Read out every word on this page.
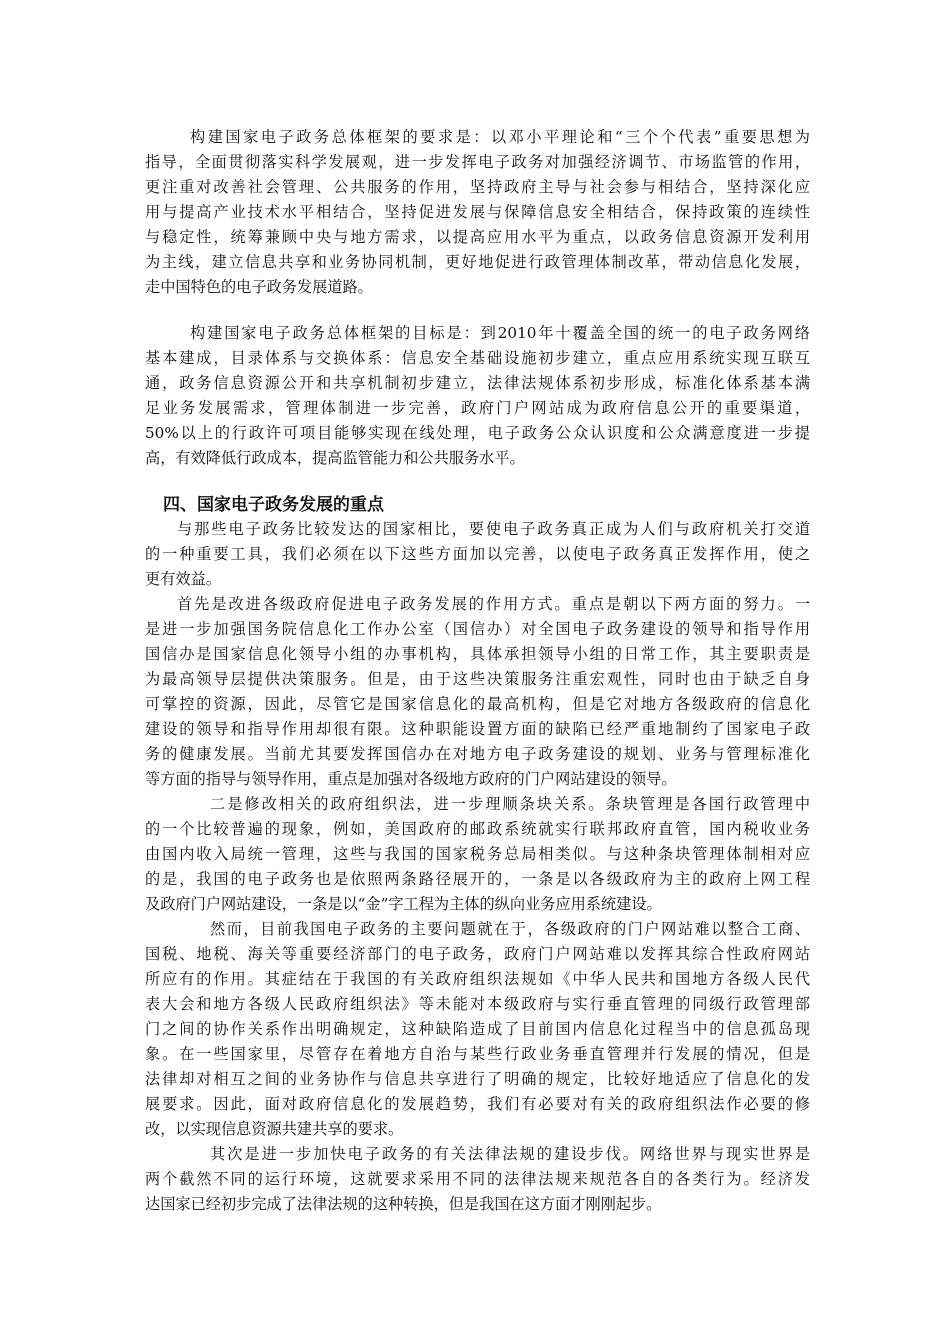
构建国家电子政务总体框架的要求是：以邓小平理论和“三个个代表”重要思想为

指导，全面贯彻落实科学发展观，进一步发挥电子政务对加强经济调节、市场监管的作用，

更注重对改善社会管理、公共服务的作用，坚持政府主导与社会参与相结合，坚持深化应

用与提高产业技术水平相结合，坚持促进发展与保障信息安全相结合，保持政策的连续性

与稳定性，统筹兼顾中央与地方需求，以提高应用水平为重点，以政务信息资源开发利用

为主线，建立信息共享和业务协同机制，更好地促进行政管理体制改革，带动信息化发展，

走中国特色的电子政务发展道路。

构建国家电子政务总体框架的目标是：到2010年十覆盖全国的统一的电子政务网络

基本建成，目录体系与交换体系：信息安全基础设施初步建立，重点应用系统实现互联互

通，政务信息资源公开和共享机制初步建立，法律法规体系初步形成，标准化体系基本满

足业务发展需求，管理体制进一步完善，政府门户网站成为政府信息公开的重要渠道，

50%以上的行政许可项目能够实现在线处理，电子政务公众认识度和公众满意度进一步提

高，有效降低行政成本，提高监管能力和公共服务水平。

四、国家电子政务发展的重点

与那些电子政务比较发达的国家相比，要使电子政务真正成为人们与政府机关打交道

的一种重要工具，我们必须在以下这些方面加以完善，以使电子政务真正发挥作用，使之

更有效益。

首先是改进各级政府促进电子政务发展的作用方式。重点是朝以下两方面的努力。一

是进一步加强国务院信息化工作办公室（国信办）对全国电子政务建设的领导和指导作用

国信办是国家信息化领导小组的办事机构，具体承担领导小组的日常工作，其主要职责是

为最高领导层提供决策服务。但是，由于这些决策服务注重宏观性，同时也由于缺乏自身

可掌控的资源，因此，尽管它是国家信息化的最高机构，但是它对地方各级政府的信息化

建设的领导和指导作用却很有限。这种职能设置方面的缺陷已经严重地制约了国家电子政

务的健康发展。当前尤其要发挥国信办在对地方电子政务建设的规划、业务与管理标准化

等方面的指导与领导作用，重点是加强对各级地方政府的门户网站建设的领导。

二是修改相关的政府组织法，进一步理顺条块关系。条块管理是各国行政管理中

的一个比较普遍的现象，例如，美国政府的邮政系统就实行联邦政府直管，国内税收业务

由国内收入局统一管理，这些与我国的国家税务总局相类似。与这种条块管理体制相对应

的是，我国的电子政务也是依照两条路径展开的，一条是以各级政府为主的政府上网工程

及政府门户网站建设，一条是以“金”字工程为主体的纵向业务应用系统建设。

然而，目前我国电子政务的主要问题就在于，各级政府的门户网站难以整合工商、

国税、地税、海关等重要经济部门的电子政务，政府门户网站难以发挥其综合性政府网站

所应有的作用。其症结在于我国的有关政府组织法规如《中华人民共和国地方各级人民代

表大会和地方各级人民政府组织法》等未能对本级政府与实行垂直管理的同级行政管理部

门之间的协作关系作出明确规定，这种缺陷造成了目前国内信息化过程当中的信息孤岛现

象。在一些国家里，尽管存在着地方自治与某些行政业务垂直管理并行发展的情况，但是

法律却对相互之间的业务协作与信息共享进行了明确的规定，比较好地适应了信息化的发

展要求。因此，面对政府信息化的发展趋势，我们有必要对有关的政府组织法作必要的修

改，以实现信息资源共建共享的要求。

其次是进一步加快电子政务的有关法律法规的建设步伐。网络世界与现实世界是

两个截然不同的运行环境，这就要求采用不同的法律法规来规范各自的各类行为。经济发

达国家已经初步完成了法律法规的这种转换，但是我国在这方面才刚刚起步。
